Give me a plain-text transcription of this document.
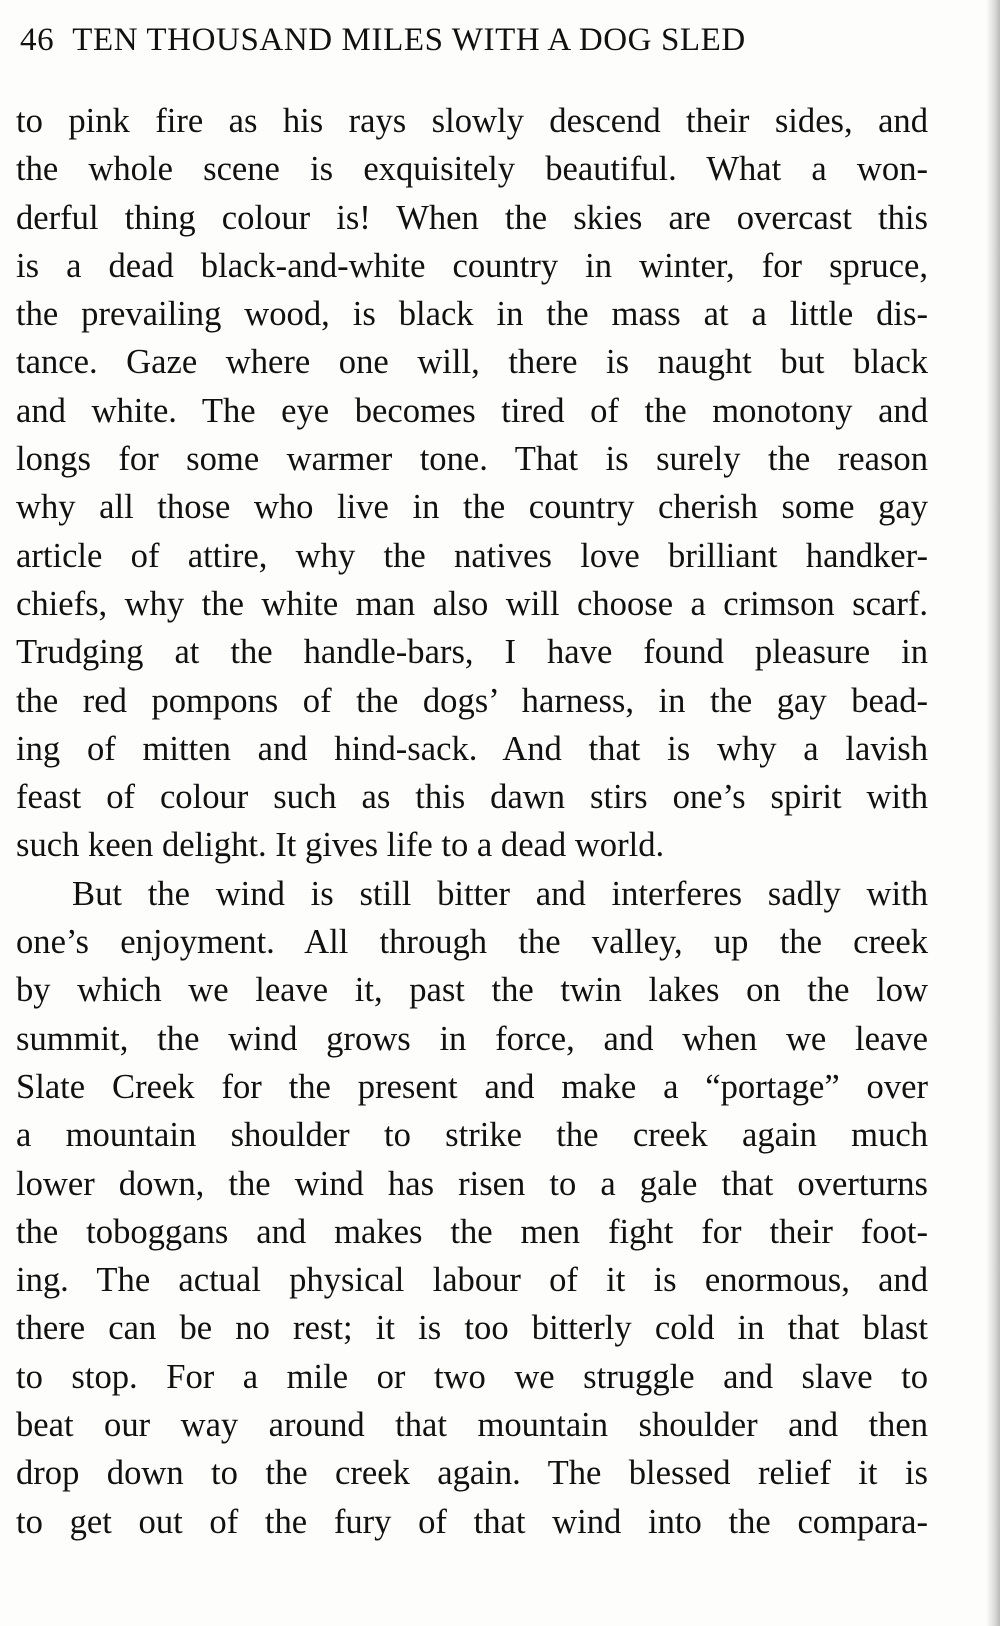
46 TEN THOUSAND MILES WITH A DOG SLED
to pink fire as his rays slowly descend their sides, and
the whole scene is exquisitely beautiful. What a won-
derful thing colour is! When the skies are overcast this
is a dead black-and-white country in winter, for spruce,
the prevailing wood, is black in the mass at a little dis-
tance. Gaze where one will, there is naught but black
and white. The eye becomes tired of the monotony and
longs for some warmer tone. That is surely the reason
why all those who live in the country cherish some gay
article of attire, why the natives love brilliant handker-
chiefs, why the white man also will choose a crimson scarf.
Trudging at the handle-bars, I have found pleasure in
the red pompons of the dogs’ harness, in the gay bead-
ing of mitten and hind-sack. And that is why a lavish
feast of colour such as this dawn stirs one’s spirit with
such keen delight. It gives life to a dead world.
But the wind is still bitter and interferes sadly with
one’s enjoyment. All through the valley, up the creek
by which we leave it, past the twin lakes on the low
summit, the wind grows in force, and when we leave
Slate Creek for the present and make a “portage” over
a mountain shoulder to strike the creek again much
lower down, the wind has risen to a gale that overturns
the toboggans and makes the men fight for their foot-
ing. The actual physical labour of it is enormous, and
there can be no rest; it is too bitterly cold in that blast
to stop. For a mile or two we struggle and slave to
beat our way around that mountain shoulder and then
drop down to the creek again. The blessed relief it is
to get out of the fury of that wind into the compara-
